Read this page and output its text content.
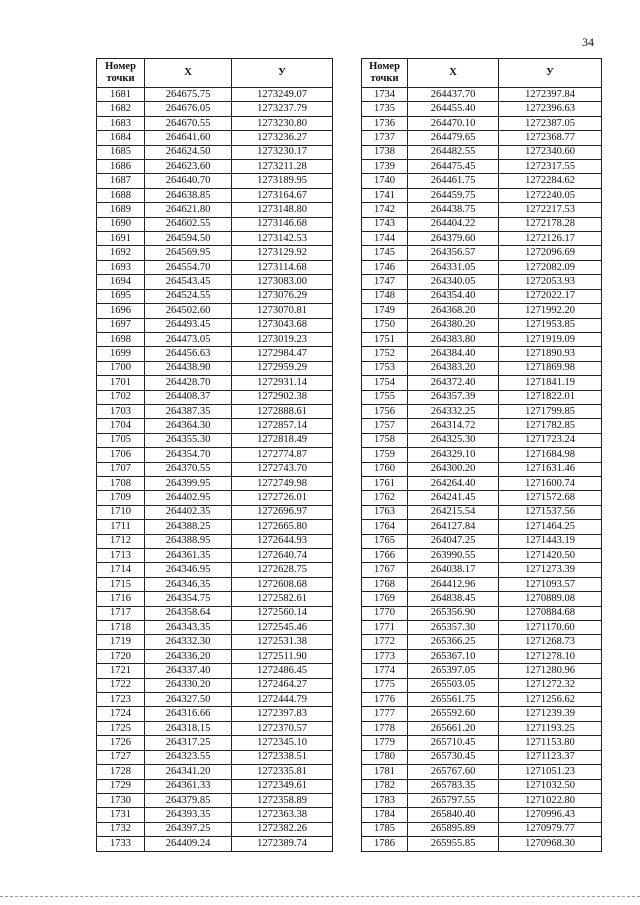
34
Номер
точки	X	У
1681	264675.75	1273249.07
1682	264676.05	1273237.79
1683	264670.55	1273230.80
1684	264641.60	1273236.27
1685	264624.50	1273230.17
1686	264623.60	1273211.28
1687	264640.70	1273189.95
1688	264638.85	1273164.67
1689	264621.80	1273148.80
1690	264602.55	1273146.68
1691	264594.50	1273142.53
1692	264569.95	1273129.92
1693	264554.70	1273114.68
1694	264543.45	1273083.00
1695	264524.55	1273076.29
1696	264502.60	1273070.81
1697	264493.45	1273043.68
1698	264473.05	1273019.23
1699	264456.63	1272984.47
1700	264438.90	1272959.29
1701	264428.70	1272931.14
1702	264408.37	1272902.38
1703	264387.35	1272888.61
1704	264364.30	1272857.14
1705	264355.30	1272818.49
1706	264354.70	1272774.87
1707	264370.55	1272743.70
1708	264399.95	1272749.98
1709	264402.95	1272726.01
1710	264402.35	1272696.97
1711	264388.25	1272665.80
1712	264388.95	1272644.93
1713	264361.35	1272640.74
1714	264346.95	1272628.75
1715	264346.35	1272608.68
1716	264354.75	1272582.61
1717	264358.64	1272560.14
1718	264343.35	1272545.46
1719	264332.30	1272531.38
1720	264336.20	1272511.90
1721	264337.40	1272486.45
1722	264330.20	1272464.27
1723	264327.50	1272444.79
1724	264316.66	1272397.83
1725	264318.15	1272370.57
1726	264317.25	1272345.10
1727	264323.55	1272338.51
1728	264341.20	1272335.81
1729	264361.33	1272349.61
1730	264379.85	1272358.89
1731	264393.35	1272363.38
1732	264397.25	1272382.26
1733	264409.24	1272389.74
Номер
точки	X	У
1734	264437.70	1272397.84
1735	264455.40	1272396.63
1736	264470.10	1272387.05
1737	264479.65	1272368.77
1738	264482.55	1272340.60
1739	264475.45	1272317.55
1740	264461.75	1272284.62
1741	264459.75	1272240.05
1742	264438.75	1272217.53
1743	264404.22	1272178.28
1744	264379.60	1272126.17
1745	264356.57	1272096.69
1746	264331.05	1272082.09
1747	264340.05	1272053.93
1748	264354.40	1272022.17
1749	264368.20	1271992.20
1750	264380.20	1271953.85
1751	264383.80	1271919.09
1752	264384.40	1271890.93
1753	264383.20	1271869.98
1754	264372.40	1271841.19
1755	264357.39	1271822.01
1756	264332.25	1271799.85
1757	264314.72	1271782.85
1758	264325.30	1271723.24
1759	264329.10	1271684.98
1760	264300.20	1271631.46
1761	264264.40	1271600.74
1762	264241.45	1271572.68
1763	264215.54	1271537.56
1764	264127.84	1271464.25
1765	264047.25	1271443.19
1766	263990.55	1271420.50
1767	264038.17	1271273.39
1768	264412.96	1271093.57
1769	264838.45	1270889.08
1770	265356.90	1270884.68
1771	265357.30	1271170.60
1772	265366.25	1271268.73
1773	265367.10	1271278.10
1774	265397.05	1271280.96
1775	265503.05	1271272.32
1776	265561.75	1271256.62
1777	265592.60	1271239.39
1778	265661.20	1271193.25
1779	265710.45	1271153.80
1780	265730.45	1271123.37
1781	265767.60	1271051.23
1782	265783.35	1271032.50
1783	265797.55	1271022.80
1784	265840.40	1270996.43
1785	265895.89	1270979.77
1786	265955.85	1270968.30
